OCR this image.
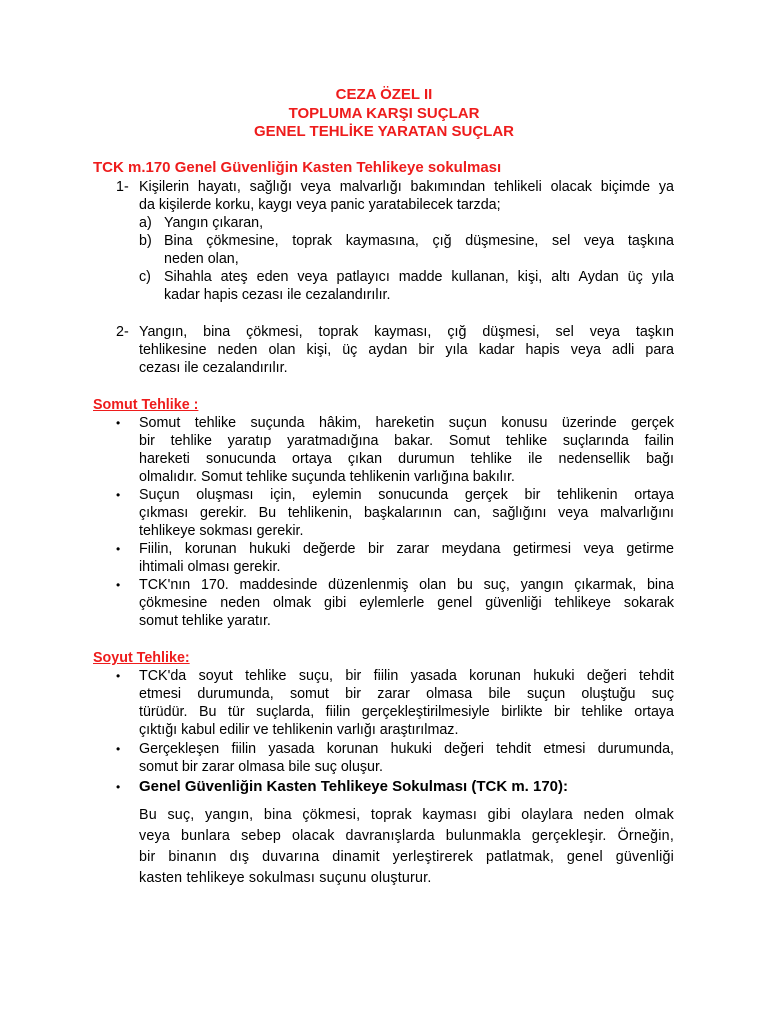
CEZA ÖZEL II
TOPLUMA KARŞI SUÇLAR
GENEL TEHLİKE YARATAN SUÇLAR
TCK m.170 Genel Güvenliğin Kasten Tehlikeye sokulması
1- Kişilerin hayatı, sağlığı veya malvarlığı bakımından tehlikeli olacak biçimde ya
da kişilerde korku, kaygı veya panic yaratabilecek tarzda;
a) Yangın çıkaran,
b) Bina çökmesine, toprak kaymasına, çığ düşmesine, sel veya taşkına
neden olan,
c) Sihahla ateş eden veya patlayıcı madde kullanan, kişi, altı Aydan üç yıla
kadar hapis cezası ile cezalandırılır.
2- Yangın, bina çökmesi, toprak kayması, çığ düşmesi, sel veya taşkın
tehlikesine neden olan kişi, üç aydan bir yıla kadar hapis veya adli para
cezası ile cezalandırılır.
Somut Tehlike :
• Somut tehlike suçunda hâkim, hareketin suçun konusu üzerinde gerçek
bir tehlike yaratıp yaratmadığına bakar. Somut tehlike suçlarında failin
hareketi sonucunda ortaya çıkan durumun tehlike ile nedensellik bağı
olmalıdır. Somut tehlike suçunda tehlikenin varlığına bakılır.
• Suçun oluşması için, eylemin sonucunda gerçek bir tehlikenin ortaya
çıkması gerekir. Bu tehlikenin, başkalarının can, sağlığını veya malvarlığını
tehlikeye sokması gerekir.
• Fiilin, korunan hukuki değerde bir zarar meydana getirmesi veya getirme
ihtimali olması gerekir.
• TCK'nın 170. maddesinde düzenlenmiş olan bu suç, yangın çıkarmak, bina
çökmesine neden olmak gibi eylemlerle genel güvenliği tehlikeye sokarak
somut tehlike yaratır.
Soyut Tehlike:
• TCK'da soyut tehlike suçu, bir fiilin yasada korunan hukuki değeri tehdit
etmesi durumunda, somut bir zarar olmasa bile suçun oluştuğu suç
türüdür. Bu tür suçlarda, fiilin gerçekleştirilmesiyle birlikte bir tehlike ortaya
çıktığı kabul edilir ve tehlikenin varlığı araştırılmaz.
• Gerçekleşen fiilin yasada korunan hukuki değeri tehdit etmesi durumunda,
somut bir zarar olmasa bile suç oluşur.
• Genel Güvenliğin Kasten Tehlikeye Sokulması (TCK m. 170):
Bu suç, yangın, bina çökmesi, toprak kayması gibi olaylara neden olmak
veya bunlara sebep olacak davranışlarda bulunmakla gerçekleşir. Örneğin,
bir binanın dış duvarına dinamit yerleştirerek patlatmak, genel güvenliği
kasten tehlikeye sokulması suçunu oluşturur.
